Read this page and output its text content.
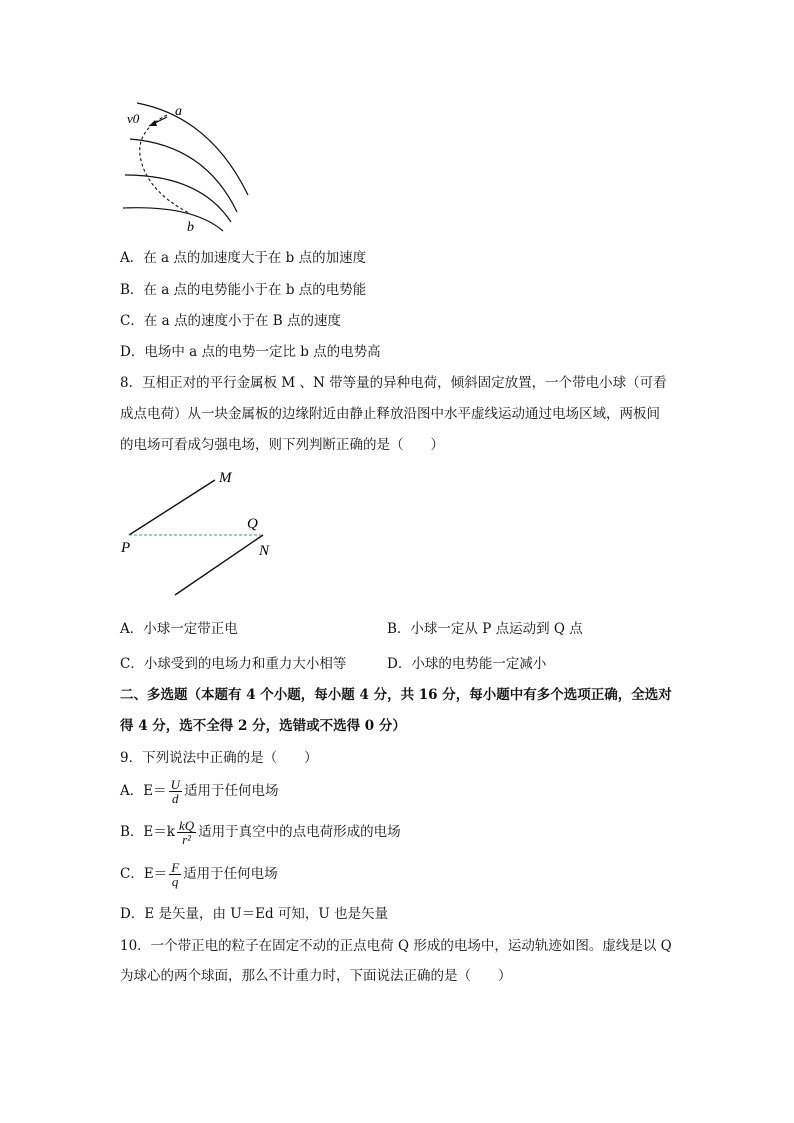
a
v0
b
A．在 a 点的加速度大于在 b 点的加速度
B．在 a 点的电势能小于在 b 点的电势能
C．在 a 点的速度小于在 B 点的速度
D．电场中 a 点的电势一定比 b 点的电势高
8．互相正对的平行金属板 M 、N 带等量的异种电荷，倾斜固定放置，一个带电小球（可看
成点电荷）从一块金属板的边缘附近由静止释放沿图中水平虚线运动通过电场区域，两板间
的电场可看成匀强电场，则下列判断正确的是（　　）
M
P
Q
N
A．小球一定带正电	B．小球一定从 P 点运动到 Q 点
C．小球受到的电场力和重力大小相等	D．小球的电势能一定减小
二、多选题（本题有 4 个小题，每小题 4 分，共 16 分，每小题中有多个选项正确，全选对
得 4 分，选不全得 2 分，选错或不选得 0 分）
9．下列说法中正确的是（　　）
A．$E= \frac{U}{d}$ 适用于任何电场
B．$E=k \frac{kQ}{\text{r²}}$ 适用于真空中的点电荷形成的电场
C．$E= \frac{F}{q}$ 适用于任何电场
D．E 是矢量，由 U＝Ed 可知，U 也是矢量
10．一个带正电的粒子在固定不动的正点电荷 Q 形成的电场中，运动轨迹如图。虚线是以 Q
为球心的两个球面，那么不计重力时，下面说法正确的是（　　）
